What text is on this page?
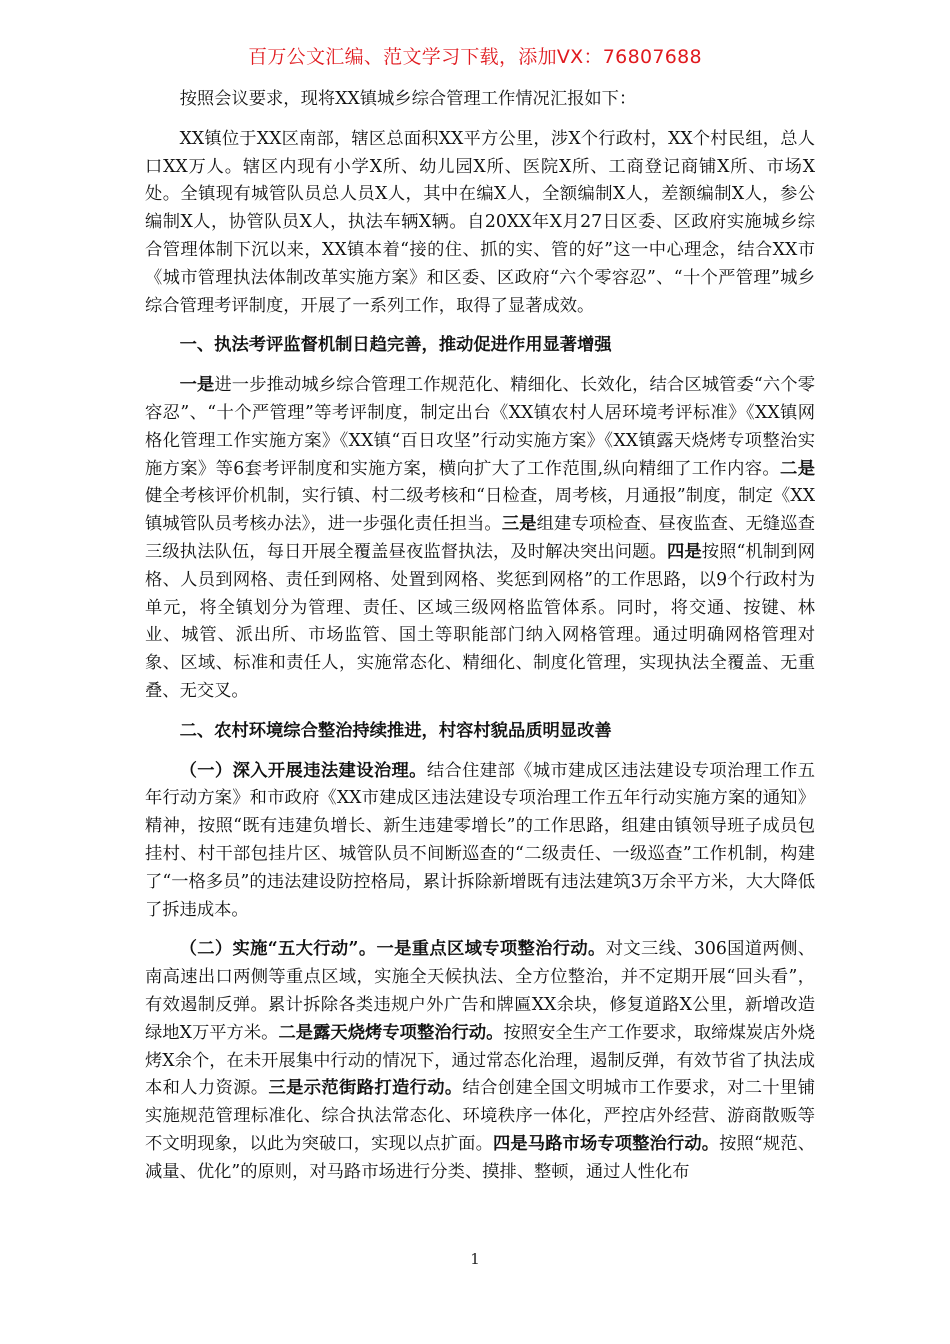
百万公文汇编、范文学习下载，添加VX：76807688

按照会议要求，现将XX镇城乡综合管理工作情况汇报如下：

XX镇位于XX区南部，辖区总面积XX平方公里，涉X个行政村，XX个村民组，总人口XX万人。辖区内现有小学X所、幼儿园X所、医院X所、工商登记商铺X所、市场X处。全镇现有城管队员总人员X人，其中在编X人，全额编制X人，差额编制X人，参公编制X人，协管队员X人，执法车辆X辆。自20XX年X月27日区委、区政府实施城乡综合管理体制下沉以来，XX镇本着“接的住、抓的实、管的好”这一中心理念，结合XX市《城市管理执法体制改革实施方案》和区委、区政府“六个零容忍”、“十个严管理”城乡综合管理考评制度，开展了一系列工作，取得了显著成效。

一、执法考评监督机制日趋完善，推动促进作用显著增强

一是进一步推动城乡综合管理工作规范化、精细化、长效化，结合区城管委“六个零容忍”、“十个严管理”等考评制度，制定出台《XX镇农村人居环境考评标准》《XX镇网格化管理工作实施方案》《XX镇“百日攻坚”行动实施方案》《XX镇露天烧烤专项整治实施方案》等6套考评制度和实施方案，横向扩大了工作范围,纵向精细了工作内容。二是健全考核评价机制，实行镇、村二级考核和“日检查，周考核，月通报”制度，制定《XX镇城管队员考核办法》，进一步强化责任担当。三是组建专项检查、昼夜监查、无缝巡查三级执法队伍，每日开展全覆盖昼夜监督执法，及时解决突出问题。四是按照“机制到网格、人员到网格、责任到网格、处置到网格、奖惩到网格”的工作思路，以9个行政村为单元，将全镇划分为管理、责任、区域三级网格监管体系。同时，将交通、按键、林业、城管、派出所、市场监管、国土等职能部门纳入网格管理。通过明确网格管理对象、区域、标准和责任人，实施常态化、精细化、制度化管理，实现执法全覆盖、无重叠、无交叉。

二、农村环境综合整治持续推进，村容村貌品质明显改善

（一）深入开展违法建设治理。结合住建部《城市建成区违法建设专项治理工作五年行动方案》和市政府《XX市建成区违法建设专项治理工作五年行动实施方案的通知》精神，按照“既有违建负增长、新生违建零增长”的工作思路，组建由镇领导班子成员包挂村、村干部包挂片区、城管队员不间断巡查的“二级责任、一级巡查”工作机制，构建了“一格多员”的违法建设防控格局，累计拆除新增既有违法建筑3万余平方米，大大降低了拆违成本。

（二）实施“五大行动”。一是重点区域专项整治行动。对文三线、306国道两侧、南高速出口两侧等重点区域，实施全天候执法、全方位整治，并不定期开展“回头看”，有效遏制反弹。累计拆除各类违规户外广告和牌匾XX余块，修复道路X公里，新增改造绿地X万平方米。二是露天烧烤专项整治行动。按照安全生产工作要求，取缔煤炭店外烧烤X余个，在未开展集中行动的情况下，通过常态化治理，遏制反弹，有效节省了执法成本和人力资源。三是示范街路打造行动。结合创建全国文明城市工作要求，对二十里铺实施规范管理标准化、综合执法常态化、环境秩序一体化，严控店外经营、游商散贩等不文明现象，以此为突破口，实现以点扩面。四是马路市场专项整治行动。按照“规范、减量、优化”的原则，对马路市场进行分类、摸排、整顿，通过人性化布

1
